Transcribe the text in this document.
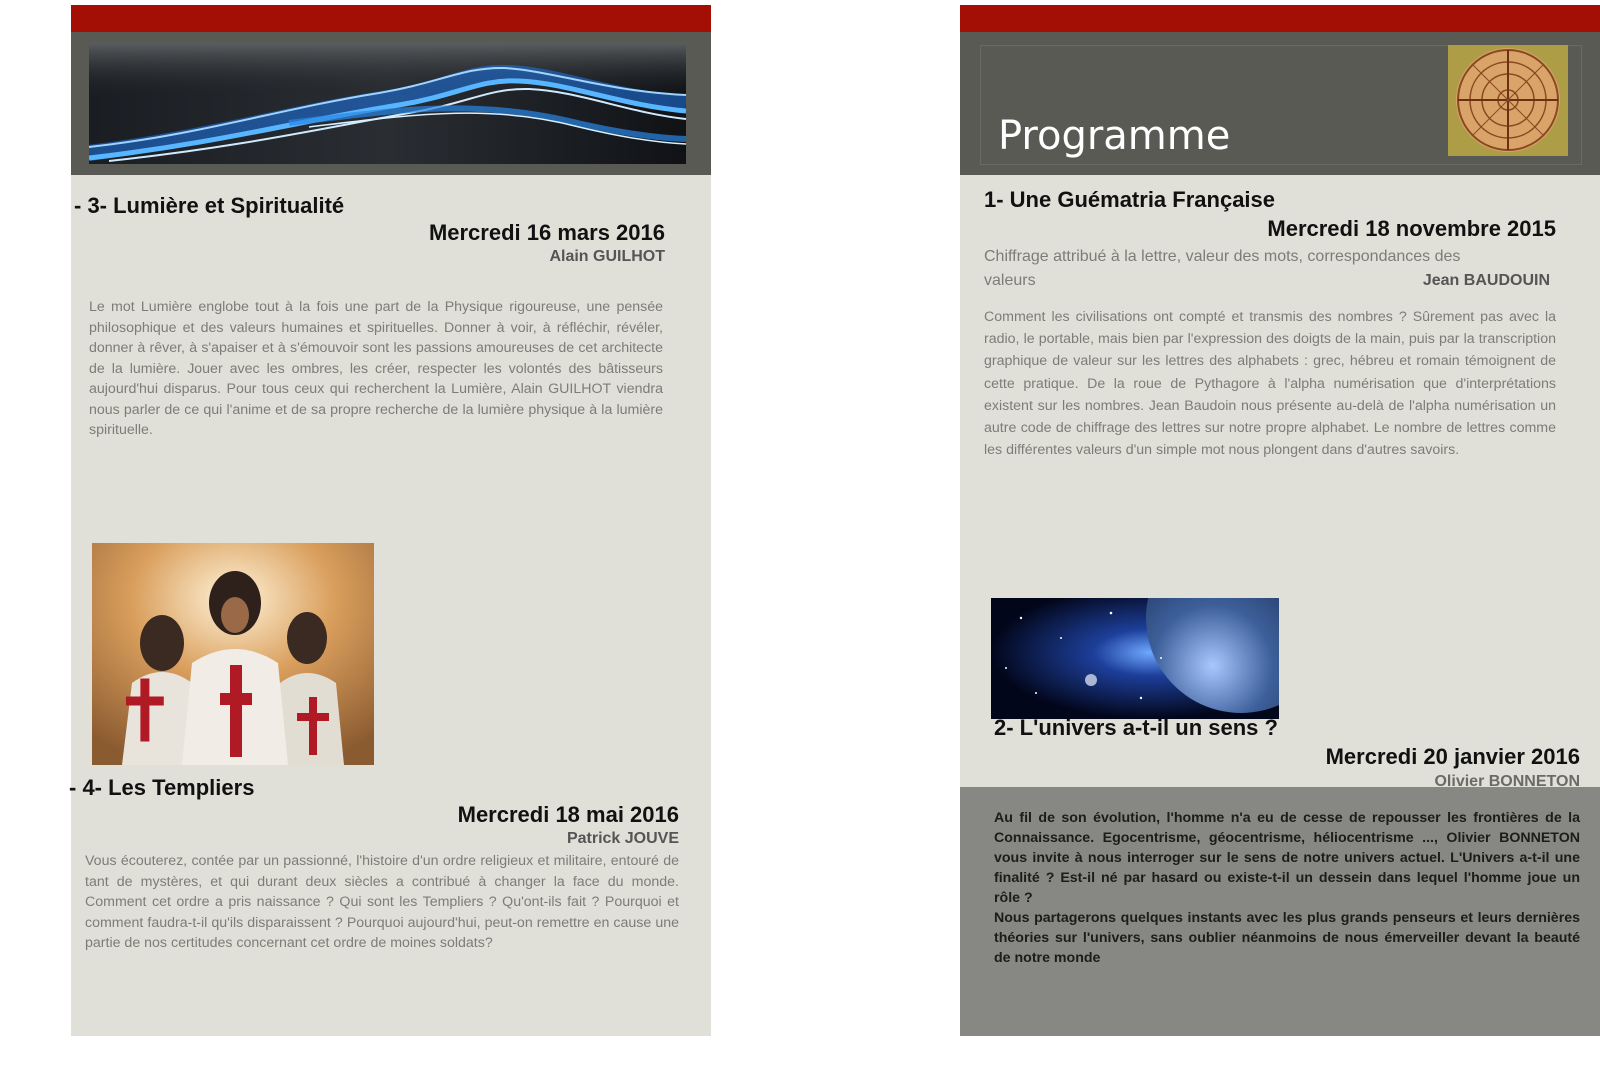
- 3- Lumière et Spiritualité
Mercredi 16 mars 2016
Alain GUILHOT
Le mot Lumière englobe tout à la fois une part de la Physique rigoureuse, une pensée philosophique et des valeurs humaines et spirituelles. Donner à voir, à réfléchir, révéler, donner à rêver, à s'apaiser et à s'émouvoir sont les passions amoureuses de cet architecte de la lumière. Jouer avec les ombres, les créer, respecter les volontés des bâtisseurs aujourd'hui disparus. Pour tous ceux qui recherchent la Lumière, Alain GUILHOT viendra nous parler de ce qui l'anime et de sa propre recherche de la lumière physique à la lumière spirituelle.
- 4- Les Templiers
Mercredi 18 mai 2016
Patrick JOUVE
Vous écouterez, contée par un passionné, l'histoire d'un ordre religieux et militaire, entouré de tant de mystères, et qui durant deux siècles a contribué à changer la face du monde. Comment cet ordre a pris naissance ? Qui sont les Templiers ? Qu'ont-ils fait ? Pourquoi et comment faudra-t-il qu'ils disparaissent ? Pourquoi aujourd'hui, peut-on remettre en cause une partie de nos certitudes concernant cet ordre de moines soldats?
Programme
1- Une Guématria Française
Mercredi 18 novembre 2015
Chiffrage attribué à la lettre, valeur des mots, correspondances des
valeurs	Jean BAUDOUIN
Comment les civilisations ont compté et transmis des nombres ? Sûrement pas avec la radio, le portable, mais bien par l'expression des doigts de la main, puis par la transcription graphique de valeur sur les lettres des alphabets : grec, hébreu et romain témoignent de cette pratique. De la roue de Pythagore à l'alpha numérisation que d'interprétations existent sur les nombres. Jean Baudoin nous présente au-delà de l'alpha numérisation un autre code de chiffrage des lettres sur notre propre alphabet. Le nombre de lettres comme les différentes valeurs d'un simple mot nous plongent dans d'autres savoirs.
2- L'univers a-t-il un sens ?
Mercredi 20 janvier 2016
Olivier BONNETON
Au fil de son évolution, l'homme n'a eu de cesse de repousser les frontières de la Connaissance. Egocentrisme, géocentrisme, héliocentrisme ..., Olivier BONNETON vous invite à nous interroger sur le sens de notre univers actuel. L'Univers a-t-il une finalité ? Est-il né par hasard ou existe-t-il un dessein dans lequel l'homme joue un rôle ?
Nous partagerons quelques instants avec les plus grands penseurs et leurs dernières théories sur l'univers, sans oublier néanmoins de nous émerveiller devant la beauté de notre monde
